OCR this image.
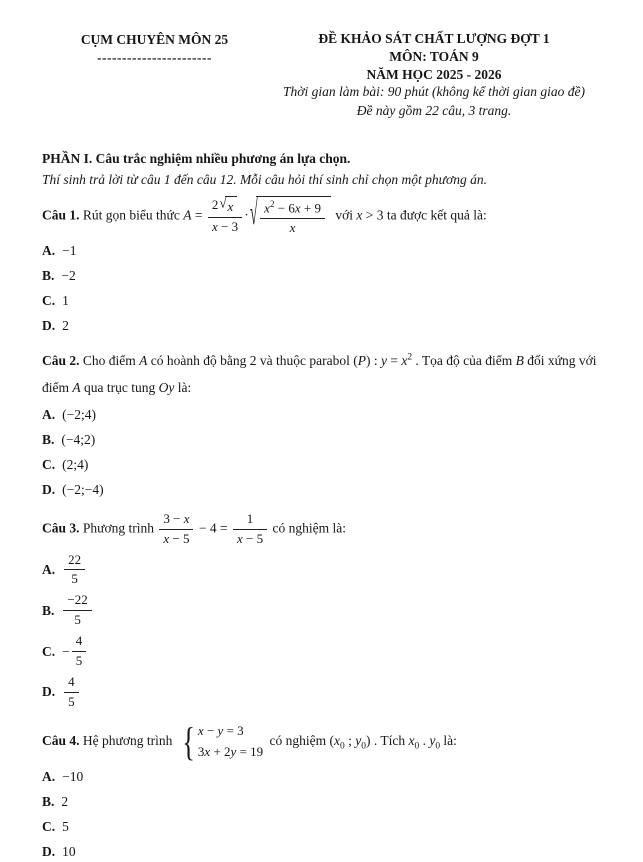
CỤM CHUYÊN MÔN 25
-----------------------
ĐỀ KHẢO SÁT CHẤT LƯỢNG ĐỢT 1
MÔN: TOÁN 9
NĂM HỌC 2025 - 2026
Thời gian làm bài: 90 phút (không kể thời gian giao đề)
Đề này gồm 22 câu, 3 trang.
PHẦN I. Câu trắc nghiệm nhiều phương án lựa chọn.
Thí sinh trả lời từ câu 1 đến câu 12. Mỗi câu hỏi thí sinh chỉ chọn một phương án.
Câu 1. Rút gọn biểu thức $A = \frac{2 √ x}{x - 3}$ · √ $\frac{x^2 - 6x + 9}{x}$ với x > 3 ta được kết quả là:
A. −1
B. −2
C. 1
D. 2
Câu 2. Cho điểm A có hoành độ bằng 2 và thuộc parabol (P) : $y = x^2$ . Tọa độ của điểm B đối xứng với điểm A qua trục tung Oy là:
A. (−2;4)
B. (−4;2)
C. (2;4)
D. (−2;−4)
Câu 3. Phương trình $\frac{3 - x}{x - 5} - 4 = \frac{1}{x - 5}$ có nghiệm là:
A. $\frac{22}{5}$
B. $\frac{-22}{5}$
C. − $\frac{4}{5}$
D. $\frac{4}{5}$
Câu 4. Hệ phương trình { x − y = 3
3x + 2y = 19
có nghiệm ($x_0$ ; $y_0$) . Tích $x_0$ . $y_0$ là:
A. −10
B. 2
C. 5
D. 10
